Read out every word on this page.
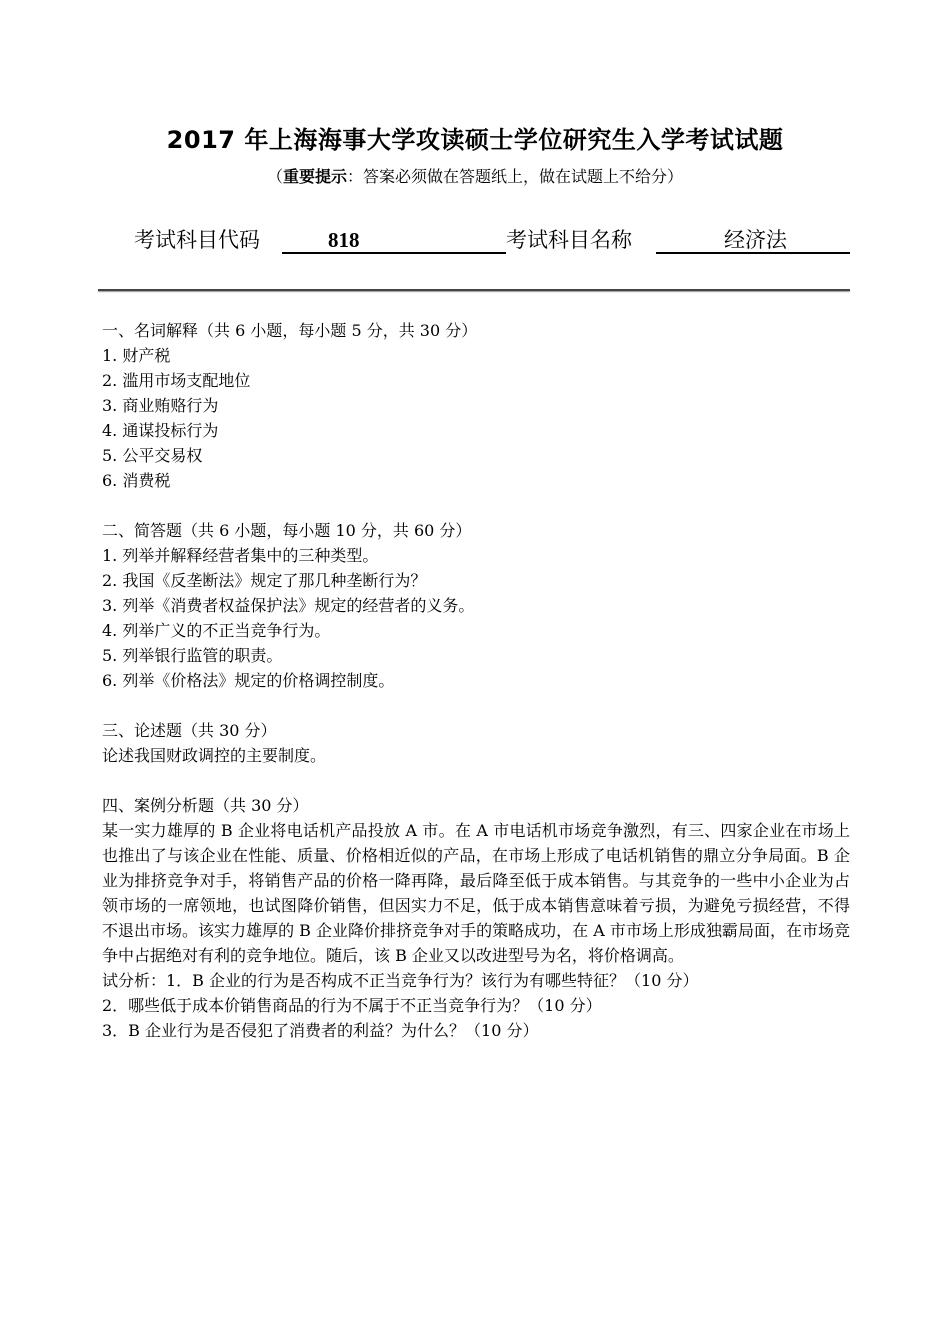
2017 年上海海事大学攻读硕士学位研究生入学考试试题
（重要提示：答案必须做在答题纸上，做在试题上不给分）
考试科目代码	818	考试科目名称	经济法

一、名词解释（共 6 小题，每小题 5 分，共 30 分）

1. 财产税

2. 滥用市场支配地位

3. 商业贿赂行为

4. 通谋投标行为

5. 公平交易权

6. 消费税

二、简答题（共 6 小题，每小题 10 分，共 60 分）

1. 列举并解释经营者集中的三种类型。

2. 我国《反垄断法》规定了那几种垄断行为？

3. 列举《消费者权益保护法》规定的经营者的义务。

4. 列举广义的不正当竞争行为。

5. 列举银行监管的职责。

6. 列举《价格法》规定的价格调控制度。

三、论述题（共 30 分）

论述我国财政调控的主要制度。

四、案例分析题（共 30 分）

某一实力雄厚的 B 企业将电话机产品投放 A 市。在 A 市电话机市场竞争激烈，有三、四家企业在市场上也推出了与该企业在性能、质量、价格相近似的产品，在市场上形成了电话机销售的鼎立分争局面。B 企业为排挤竞争对手，将销售产品的价格一降再降，最后降至低于成本销售。与其竞争的一些中小企业为占领市场的一席领地，也试图降价销售，但因实力不足，低于成本销售意味着亏损，为避免亏损经营，不得不退出市场。该实力雄厚的 B 企业降价排挤竞争对手的策略成功，在 A 市市场上形成独霸局面，在市场竞争中占据绝对有利的竞争地位。随后，该 B 企业又以改进型号为名，将价格调高。

试分析：1．B 企业的行为是否构成不正当竞争行为？该行为有哪些特征？（10 分）

2．哪些低于成本价销售商品的行为不属于不正当竞争行为？（10 分）

3．B 企业行为是否侵犯了消费者的利益？为什么？（10 分）
